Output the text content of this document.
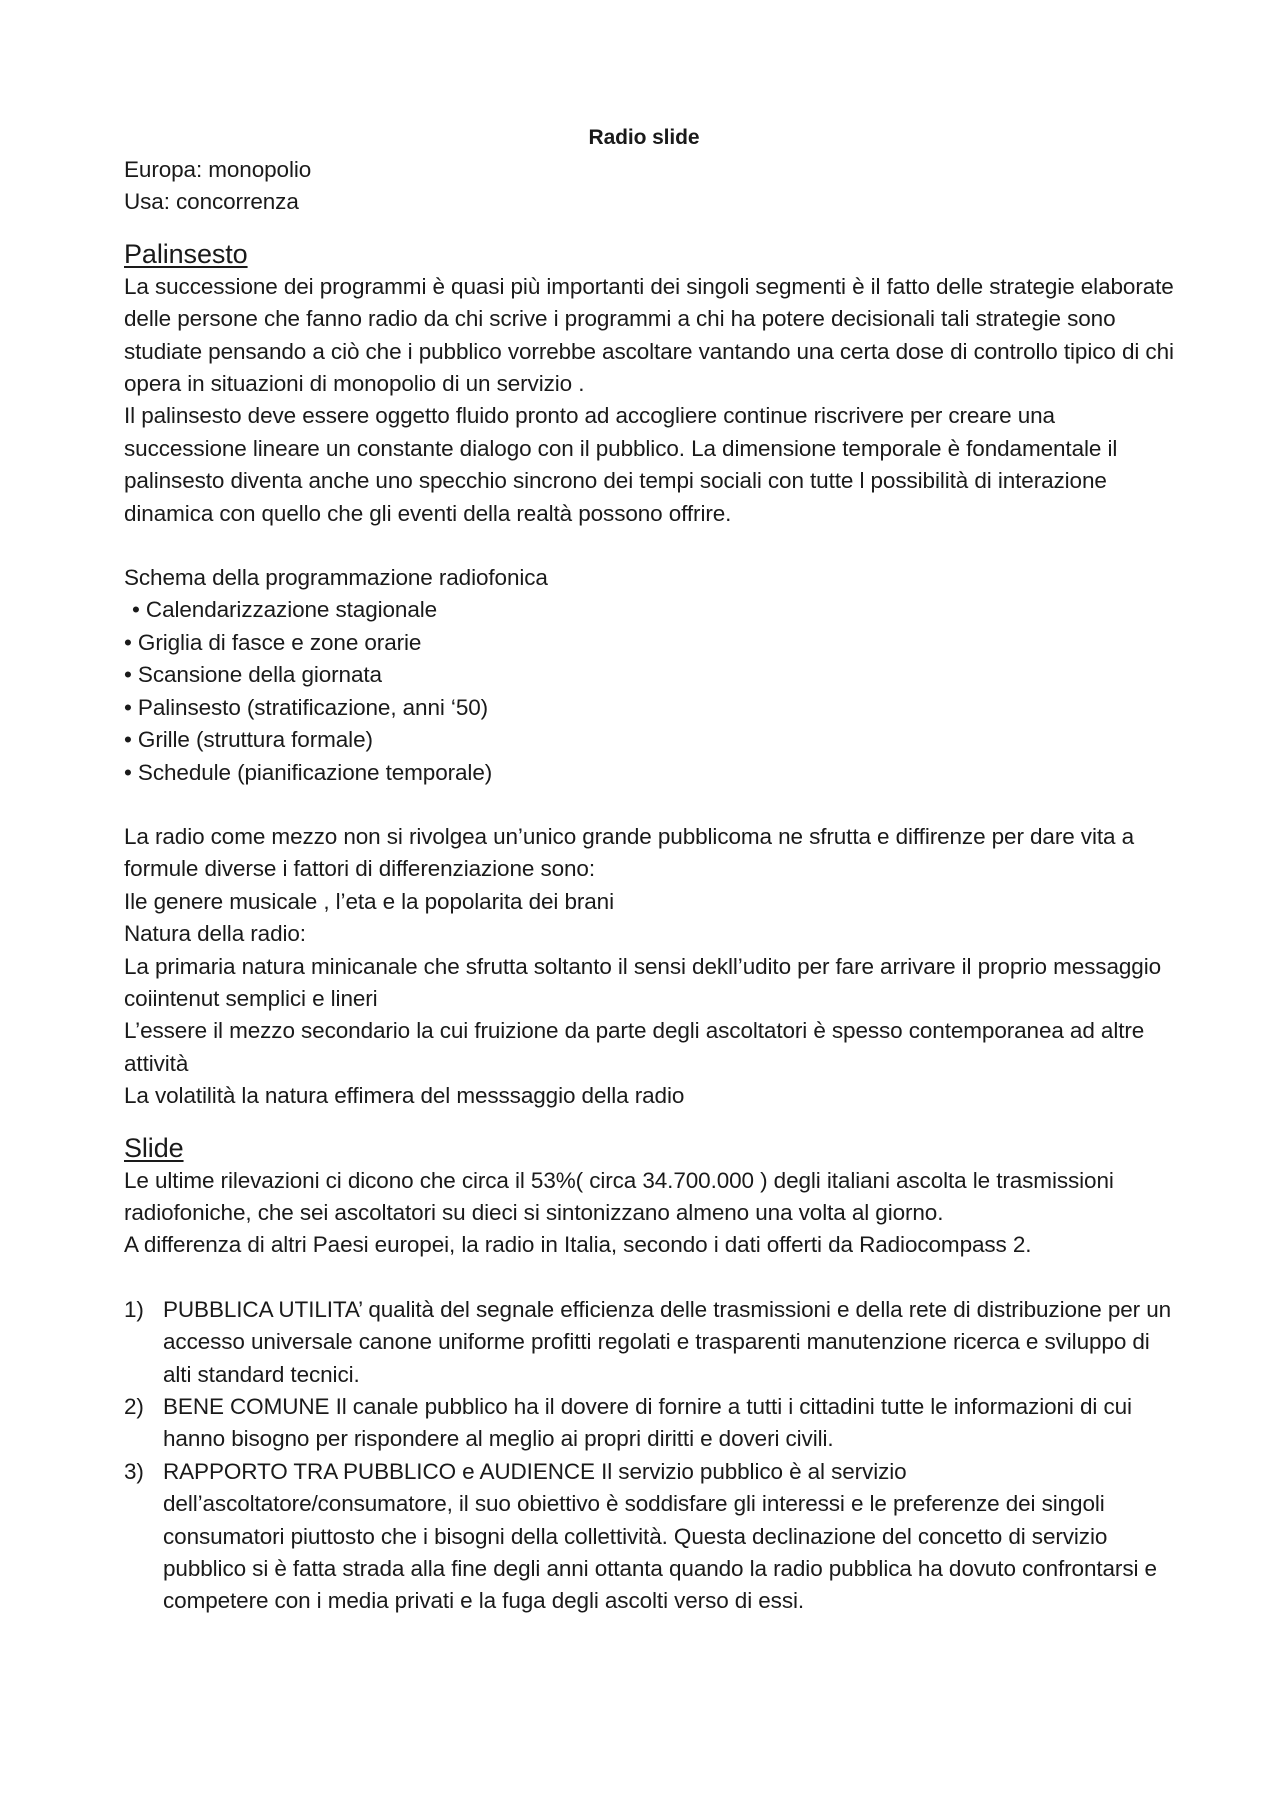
Radio slide

Europa: monopolio

Usa: concorrenza

Palinsesto

La successione dei programmi è quasi più importanti dei singoli segmenti è il fatto delle strategie elaborate delle persone che fanno radio da chi scrive i programmi a chi ha potere decisionali tali strategie sono studiate pensando a ciò che i pubblico vorrebbe ascoltare vantando una certa dose di controllo tipico di chi opera in situazioni di monopolio di un servizio .

Il palinsesto deve essere oggetto fluido pronto ad accogliere continue riscrivere per creare una successione lineare un constante dialogo con il pubblico. La dimensione temporale è fondamentale il palinsesto diventa anche uno specchio sincrono dei tempi sociali con tutte l possibilità di interazione dinamica con quello che gli eventi della realtà possono offrire.

Schema della programmazione radiofonica

• Calendarizzazione stagionale
• Griglia di fasce e zone orarie
• Scansione della giornata
• Palinsesto (stratificazione, anni ‘50)
• Grille (struttura formale)
• Schedule (pianificazione temporale)

La radio come mezzo non si rivolgea un’unico grande pubblicoma ne sfrutta e diffirenze per dare vita a formule diverse i fattori di differenziazione sono:

Ile genere musicale , l’eta e la popolarita dei brani

Natura della radio:

La primaria natura minicanale che sfrutta soltanto il sensi dekll’udito per fare arrivare il proprio messaggio coiintenut semplici e lineri

L’essere il mezzo secondario la cui fruizione da parte degli ascoltatori è spesso contemporanea ad altre attività

La volatilità la natura effimera del messsaggio della radio

Slide

Le ultime rilevazioni ci dicono che circa il 53%( circa 34.700.000 ) degli italiani ascolta le trasmissioni radiofoniche, che sei ascoltatori su dieci si sintonizzano almeno una volta al giorno.

A differenza di altri Paesi europei, la radio in Italia, secondo i dati offerti da Radiocompass 2.

1) PUBBLICA UTILITA’ qualità del segnale efficienza delle trasmissioni e della rete di distribuzione per un accesso universale canone uniforme profitti regolati e trasparenti manutenzione ricerca e sviluppo di alti standard tecnici.
2) BENE COMUNE Il canale pubblico ha il dovere di fornire a tutti i cittadini tutte le informazioni di cui hanno bisogno per rispondere al meglio ai propri diritti e doveri civili.
3) RAPPORTO TRA PUBBLICO e AUDIENCE Il servizio pubblico è al servizio dell’ascoltatore/consumatore, il suo obiettivo è soddisfare gli interessi e le preferenze dei singoli consumatori piuttosto che i bisogni della collettività. Questa declinazione del concetto di servizio pubblico si è fatta strada alla fine degli anni ottanta quando la radio pubblica ha dovuto confrontarsi e competere con i media privati e la fuga degli ascolti verso di essi.
